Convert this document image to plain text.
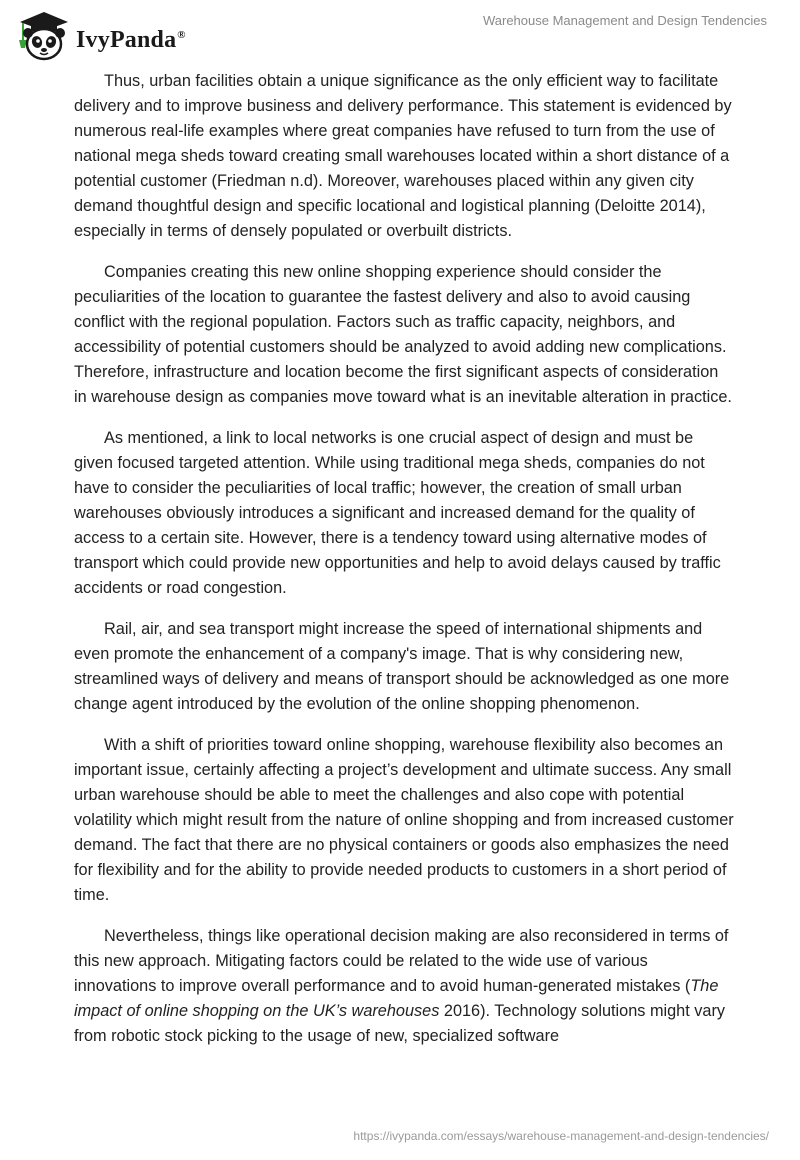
IvyPanda®
Warehouse Management and Design Tendencies

Thus, urban facilities obtain a unique significance as the only efficient way to facilitate delivery and to improve business and delivery performance. This statement is evidenced by numerous real-life examples where great companies have refused to turn from the use of national mega sheds toward creating small warehouses located within a short distance of a potential customer (Friedman n.d). Moreover, warehouses placed within any given city demand thoughtful design and specific locational and logistical planning (Deloitte 2014), especially in terms of densely populated or overbuilt districts.

Companies creating this new online shopping experience should consider the peculiarities of the location to guarantee the fastest delivery and also to avoid causing conflict with the regional population. Factors such as traffic capacity, neighbors, and accessibility of potential customers should be analyzed to avoid adding new complications. Therefore, infrastructure and location become the first significant aspects of consideration in warehouse design as companies move toward what is an inevitable alteration in practice.

As mentioned, a link to local networks is one crucial aspect of design and must be given focused targeted attention. While using traditional mega sheds, companies do not have to consider the peculiarities of local traffic; however, the creation of small urban warehouses obviously introduces a significant and increased demand for the quality of access to a certain site. However, there is a tendency toward using alternative modes of transport which could provide new opportunities and help to avoid delays caused by traffic accidents or road congestion.

Rail, air, and sea transport might increase the speed of international shipments and even promote the enhancement of a company's image. That is why considering new, streamlined ways of delivery and means of transport should be acknowledged as one more change agent introduced by the evolution of the online shopping phenomenon.

With a shift of priorities toward online shopping, warehouse flexibility also becomes an important issue, certainly affecting a project’s development and ultimate success. Any small urban warehouse should be able to meet the challenges and also cope with potential volatility which might result from the nature of online shopping and from increased customer demand. The fact that there are no physical containers or goods also emphasizes the need for flexibility and for the ability to provide needed products to customers in a short period of time.

Nevertheless, things like operational decision making are also reconsidered in terms of this new approach. Mitigating factors could be related to the wide use of various innovations to improve overall performance and to avoid human-generated mistakes (The impact of online shopping on the UK’s warehouses 2016). Technology solutions might vary from robotic stock picking to the usage of new, specialized software

https://ivypanda.com/essays/warehouse-management-and-design-tendencies/
